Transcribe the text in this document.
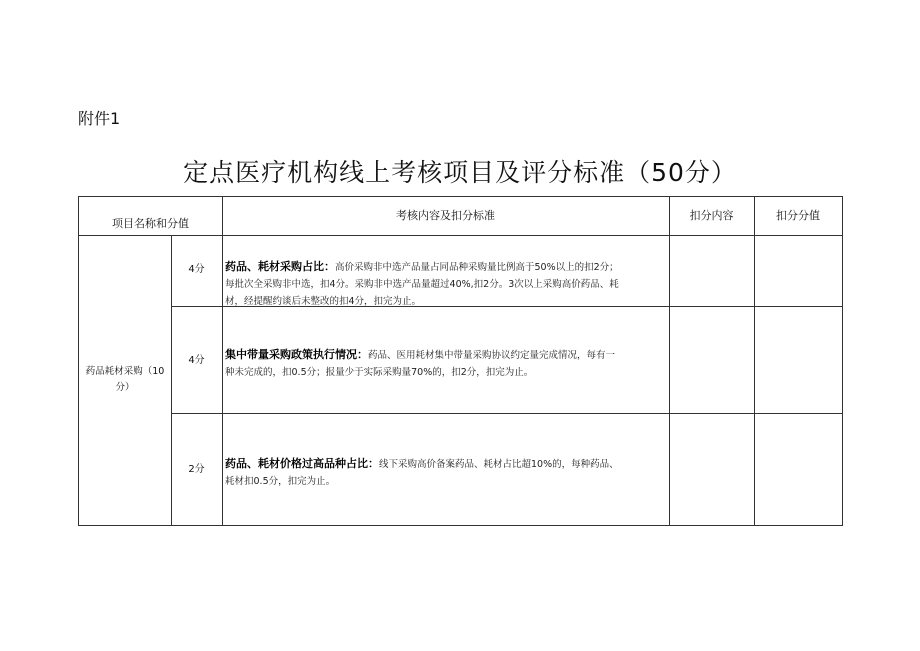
附件1
定点医疗机构线上考核项目及评分标准（50分）
项目名称和分值
考核内容及扣分标准	扣分内容	扣分分值
药品耗材采购（10
分）
4分	药品、耗材采购占比：高价采购非中选产品量占同品种采购量比例高于50%以上的扣2分；
每批次全采购非中选，扣4分。采购非中选产品量超过40%,扣2分。3次以上采购高价药品、耗
材，经提醒约谈后未整改的扣4分，扣完为止。
4分	集中带量采购政策执行情况：药品、医用耗材集中带量采购协议约定量完成情况，每有一
种未完成的，扣0.5分；报量少于实际采购量70%的，扣2分，扣完为止。
2分	药品、耗材价格过高品种占比：线下采购高价备案药品、耗材占比超10%的，每种药品、
耗材扣0.5分，扣完为止。
